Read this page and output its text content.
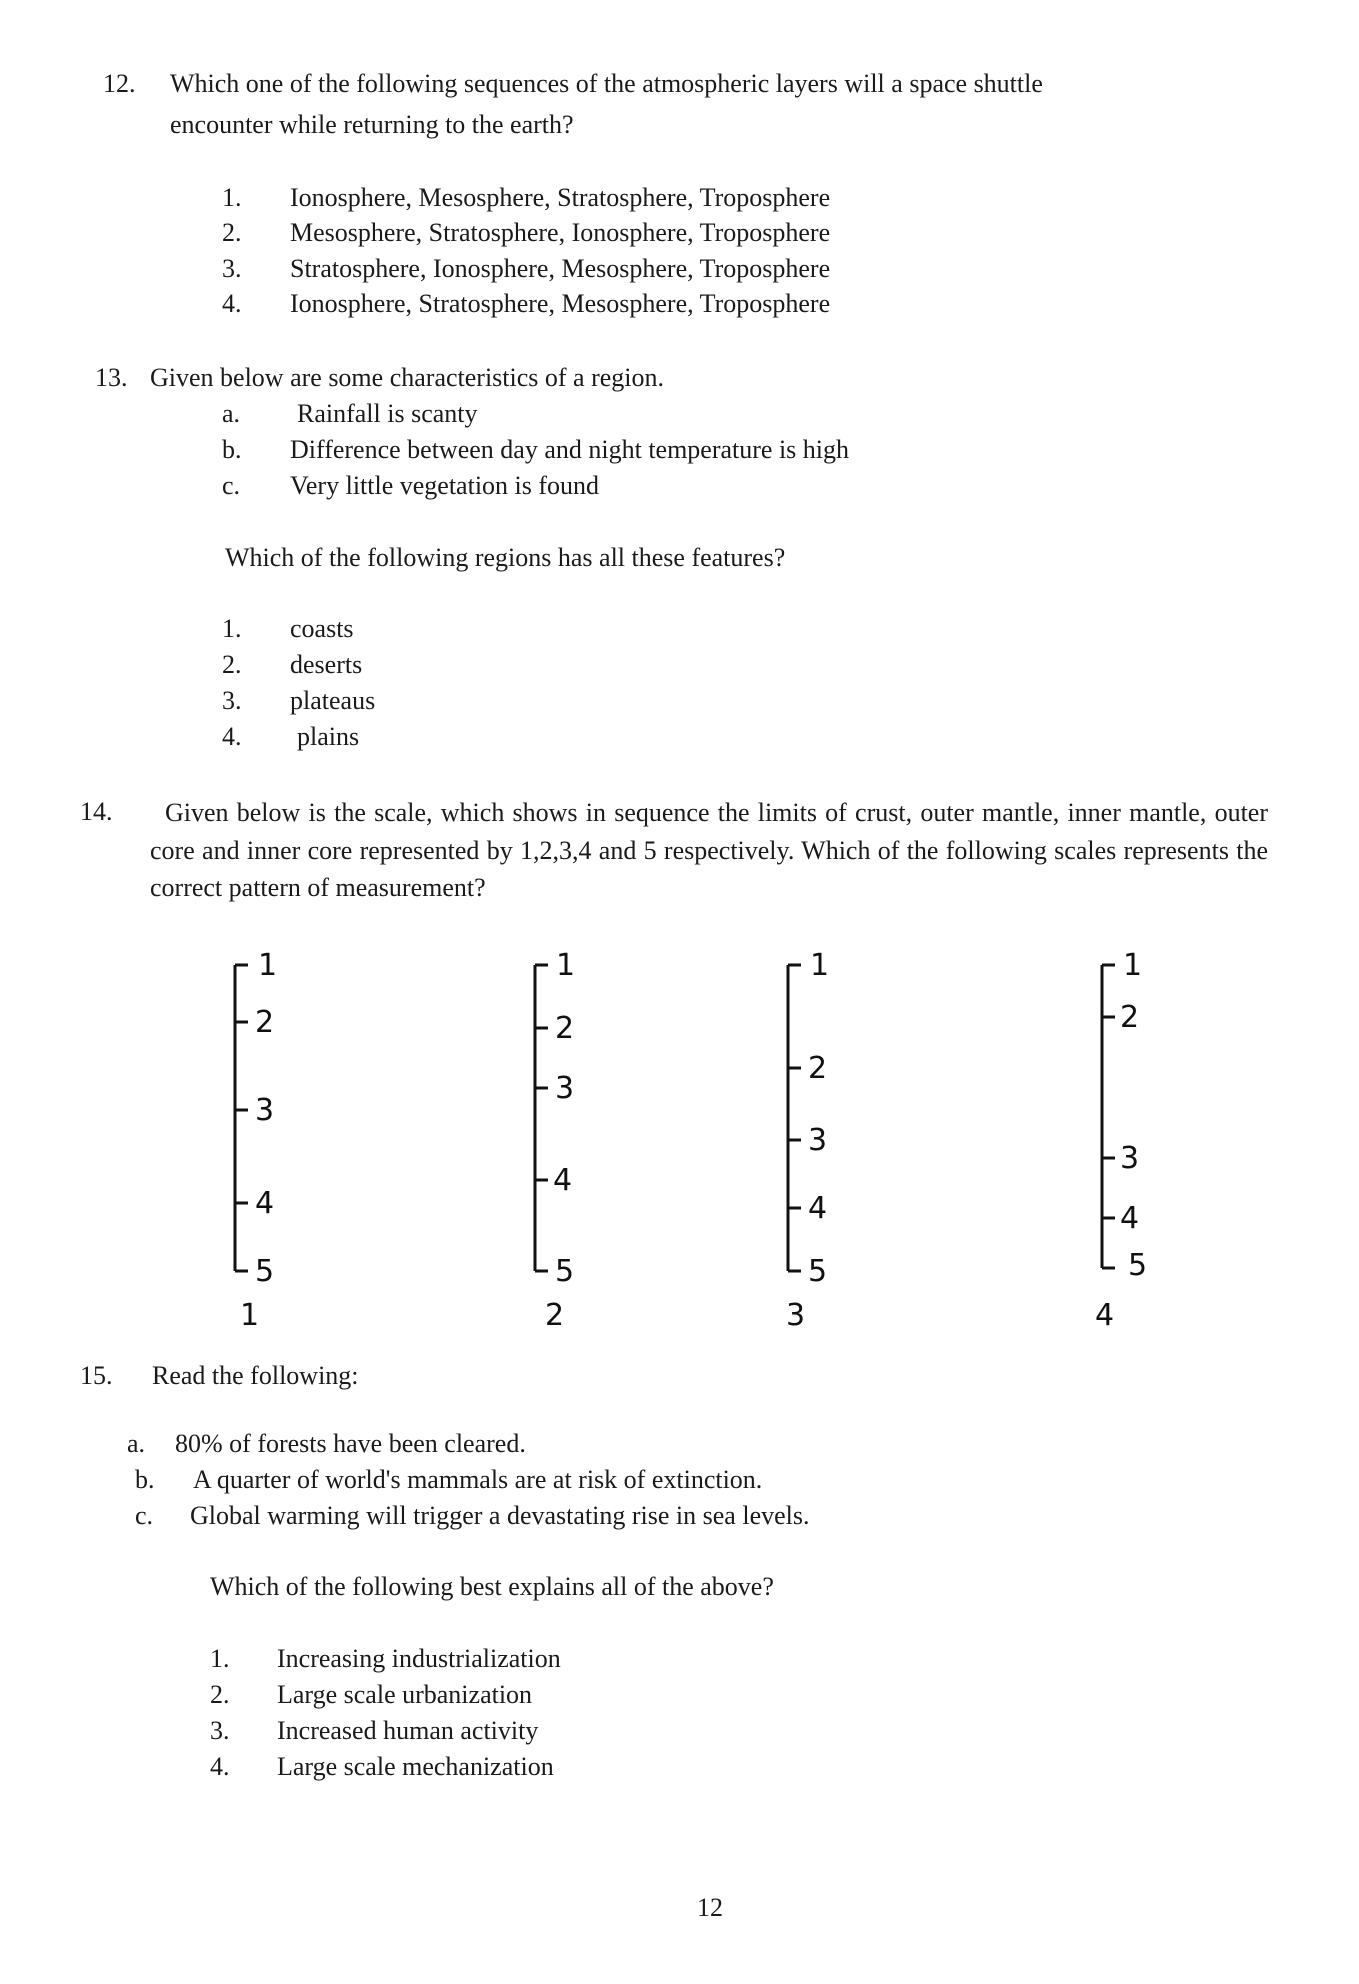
12. Which one of the following sequences of the atmospheric layers will a space shuttle
encounter while returning to the earth?
1. Ionosphere, Mesosphere, Stratosphere, Troposphere
2. Mesosphere, Stratosphere, Ionosphere, Troposphere
3. Stratosphere, Ionosphere, Mesosphere, Troposphere
4. Ionosphere, Stratosphere, Mesosphere, Troposphere
13. Given below are some characteristics of a region.
a. Rainfall is scanty
b. Difference between day and night temperature is high
c. Very little vegetation is found
Which of the following regions has all these features?
1. coasts
2. deserts
3. plateaus
4. plains
14.	Given below is the scale, which shows in sequence the limits of crust, outer mantle, inner mantle, outer core and inner core represented by 1,2,3,4 and 5 respectively. Which of the following scales represents the correct pattern of measurement?
1
2
3
4
5
1
1
2
3
4
5
2
1
2
3
4
5
3
1
2
3
4
5
4
15. Read the following:
a. 80% of forests have been cleared.
b. A quarter of world's mammals are at risk of extinction.
c. Global warming will trigger a devastating rise in sea levels.
Which of the following best explains all of the above?
1. Increasing industrialization
2. Large scale urbanization
3. Increased human activity
4. Large scale mechanization
12
